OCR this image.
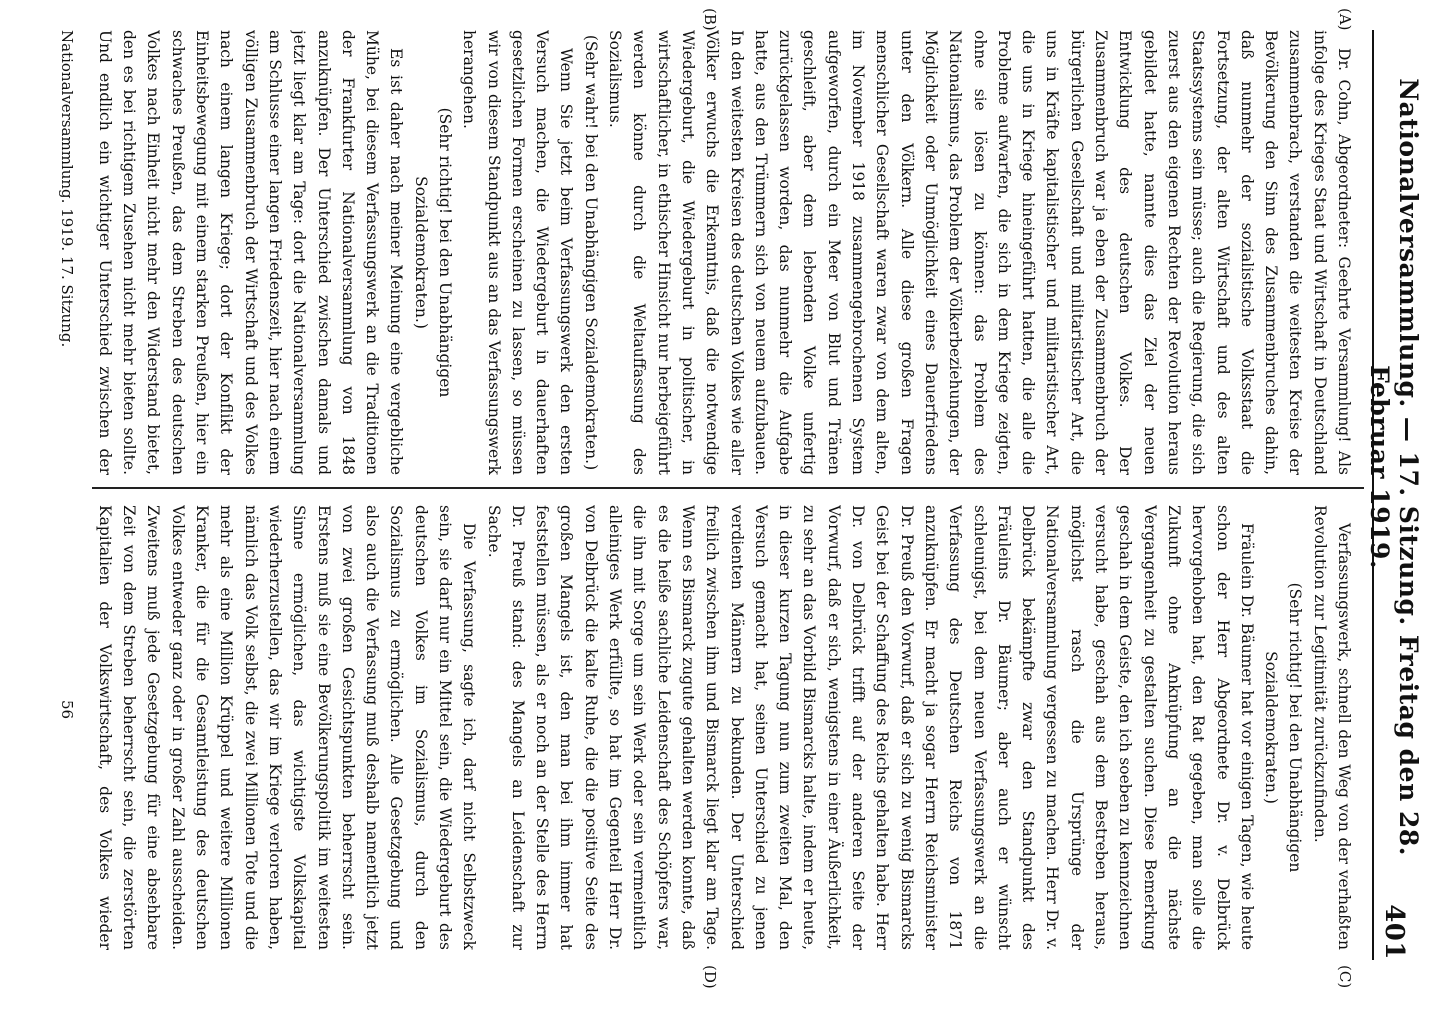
Nationalversammlung. — 17. Sitzung. Freitag den 28. Februar 1919.
401
(A)
(B)
(C)
(D)

Dr. Cohn, Abgeordneter: Geehrte Versammlung! Als infolge des Krieges Staat und Wirtschaft in Deutschland zusammenbrach, verstanden die weitesten Kreise der Bevölkerung den Sinn des Zusammenbruches dahin, daß nunmehr der sozialistische Volksstaat die Fortsetzung, der alten Wirtschaft und des alten Staatssystems sein müsse; auch die Regierung, die sich zuerst aus den eigenen Rechten der Revolution heraus gebildet hatte, nannte dies das Ziel der neuen Entwicklung des deutschen Volkes. Der Zusammenbruch war ja eben der Zusammenbruch der bürgerlichen Gesellschaft und militaristischer Art, die uns in Kräfte kapitalistischer und militaristischer Art, die uns in Kriege hineingeführt hatten, die alle die Probleme aufwarfen, die sich in dem Kriege zeigten, ohne sie lösen zu können: das Problem des Nationalismus, das Problem der Völkerbeziehungen, der Möglichkeit oder Unmöglichkeit eines Dauerfriedens unter den Völkern. Alle diese großen Fragen menschlicher Gesellschaft waren zwar von dem alten, im November 1918 zusammengebrochenen System aufgeworfen, durch ein Meer von Blut und Tränen geschleift, aber dem lebenden Volke unfertig zurückgelassen worden, das nunmehr die Aufgabe hatte, aus den Trümmern sich von neuem aufzubauen. In den weitesten Kreisen des deutschen Volkes wie aller Völker erwuchs die Erkenntnis, daß die notwendige Wiedergeburt, die Wiedergeburt in politischer, in wirtschaftlicher, in ethischer Hinsicht nur herbeigeführt werden könne durch die Weltauffassung des Sozialismus.

(Sehr wahr! bei den Unabhängigen Sozialdemokraten.)

Wenn Sie jetzt beim Verfassungswerk den ersten Versuch machen, die Wiedergeburt in dauerhaften gesetzlichen Formen erscheinen zu lassen, so müssen wir von diesem Standpunkt aus an das Verfassungswerk herangehen.

(Sehr richtig! bei den Unabhängigen Sozialdemokraten.)

Es ist daher nach meiner Meinung eine vergebliche Mühe, bei diesem Verfassungswerk an die Traditionen der Frankfurter Nationalversammlung von 1848 anzuknüpfen. Der Unterschied zwischen damals und jetzt liegt klar am Tage: dort die Nationalversammlung am Schlusse einer langen Friedenszeit, hier nach einem völligen Zusammenbruch der Wirtschaft und des Volkes nach einem langen Kriege; dort der Konflikt der Einheitsbewegung mit einem starken Preußen, hier ein schwaches Preußen, das dem Streben des deutschen Volkes nach Einheit nicht mehr den Widerstand bietet, den es bei richtigem Zusehen nicht mehr bieten sollte. Und endlich ein wichtiger Unterschied zwischen der

Verfassungswerk, schnell den Weg von der verhaßten Revolution zur Legitimität zurückzufinden.

(Sehr richtig! bei den Unabhängigen Sozialdemokraten.)

Fräulein Dr. Bäumer hat vor einigen Tagen, wie heute schon der Herr Abgeordnete Dr. v. Delbrück hervorgehoben hat, den Rat gegeben, man solle die Zukunft ohne Anknüpfung an die nächste Vergangenheit zu gestalten suchen. Diese Bemerkung geschah in dem Geiste, den ich soeben zu kennzeichnen versucht habe, geschah aus dem Bestreben heraus, möglichst rasch die Ursprünge der Nationalversammlung vergessen zu machen. Herr Dr. v. Delbrück bekämpfte zwar den Standpunkt des Fräuleins Dr. Bäumer; aber auch er wünscht schleunigst, bei dem neuen Verfassungswerk an die Verfassung des Deutschen Reichs von 1871 anzuknüpfen. Er macht ja sogar Herrn Reichsminister Dr. Preuß den Vorwurf, daß er sich zu wenig Bismarcks Geist bei der Schaffung des Reichs gehalten habe. Herr Dr. von Delbrück trifft auf der anderen Seite der Vorwurf, daß er sich, wenigstens in einer Äußerlichkeit, zu sehr an das Vorbild Bismarcks halte, indem er heute, in dieser kurzen Tagung nun zum zweiten Mal, den Versuch gemacht hat, seinen Unterschied zu jenen verdienten Männern zu bekunden. Der Unterschied freilich zwischen ihm und Bismarck liegt klar am Tage. Wenn es Bismarck zugute gehalten werden konnte, daß es die heiße sachliche Leidenschaft des Schöpfers war, die ihn mit Sorge um sein Werk oder sein vermeintlich alleiniges Werk erfüllte, so hat im Gegenteil Herr Dr. von Delbrück die kalte Ruhe, die die positive Seite des großen Mangels ist, den man bei ihm immer hat feststellen müssen, als er noch an der Stelle des Herrn Dr. Preuß stand: des Mangels an Leidenschaft zur Sache.

Die Verfassung, sagte ich, darf nicht Selbstzweck sein, sie darf nur ein Mittel sein, die Wiedergeburt des deutschen Volkes im Sozialismus, durch den Sozialismus zu ermöglichen. Alle Gesetzgebung und also auch die Verfassung muß deshalb namentlich jetzt von zwei großen Gesichtspunkten beherrscht sein. Erstens muß sie eine Bevölkerungspolitik im weitesten Sinne ermöglichen, das wichtigste Volkskapital wiederherzustellen, das wir im Kriege verloren haben, nämlich das Volk selbst, die zwei Millionen Tote und die mehr als eine Million Krüppel und weitere Millionen Kranker, die für die Gesamtleistung des deutschen Volkes entweder ganz oder in großer Zahl ausscheiden. Zweitens muß jede Gesetzgebung für eine absehbare Zeit von dem Streben beherrscht sein, die zerstörten Kapitalien der Volkswirtschaft, des Volkes wieder

Nationalversammlung. 1919. 17. Sitzung.
56
